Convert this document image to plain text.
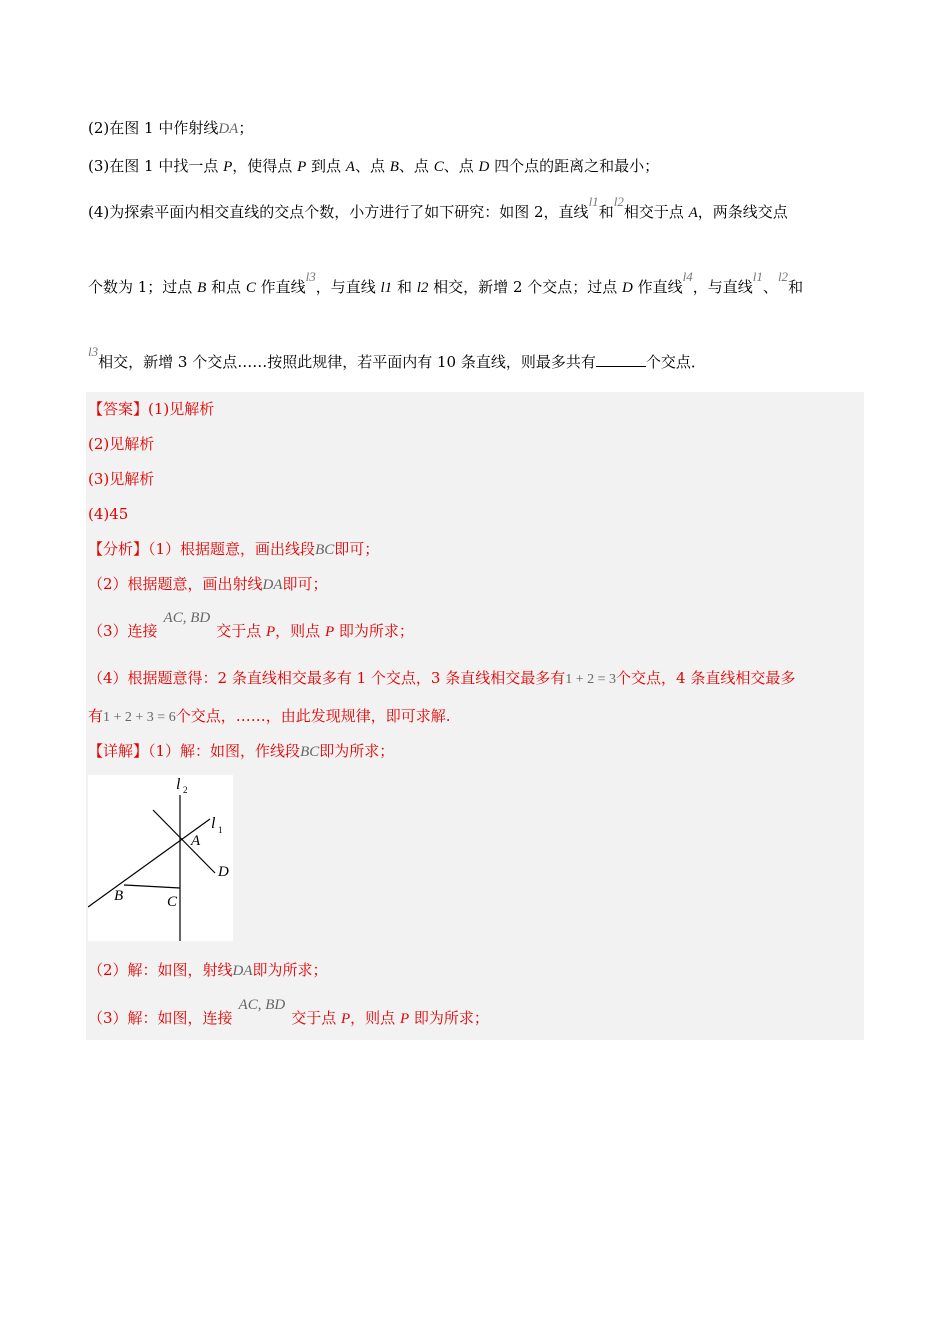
(2)在图 1 中作射线DA；
(3)在图 1 中找一点 P，使得点 P 到点 A、点 B、点 C、点 D 四个点的距离之和最小；
(4)为探索平面内相交直线的交点个数，小方进行了如下研究：如图 2，直线l1和l2相交于点 A，两条线交点
个数为 1；过点 B 和点 C 作直线l3，与直线 l1 和 l2 相交，新增 2 个交点；过点 D 作直线l4，与直线l1、l2和
l3相交，新增 3 个交点……按照此规律，若平面内有 10 条直线，则最多共有	个交点．
【答案】(1)见解析
(2)见解析
(3)见解析
(4)45
【分析】（1）根据题意，画出线段BC即可；
（2）根据题意，画出射线DA即可；
（3）连接AC, BD交于点 P，则点 P 即为所求；
（4）根据题意得：2 条直线相交最多有 1 个交点，3 条直线相交最多有1 + 2 = 3个交点，4 条直线相交最多
有1 + 2 + 3 = 6个交点，……，由此发现规律，即可求解.
【详解】（1）解：如图，作线段BC即为所求；
（2）解：如图，射线DA即为所求；
（3）解：如图，连接AC, BD交于点 P，则点 P 即为所求；
l 2
l 1
A
D
B	C
